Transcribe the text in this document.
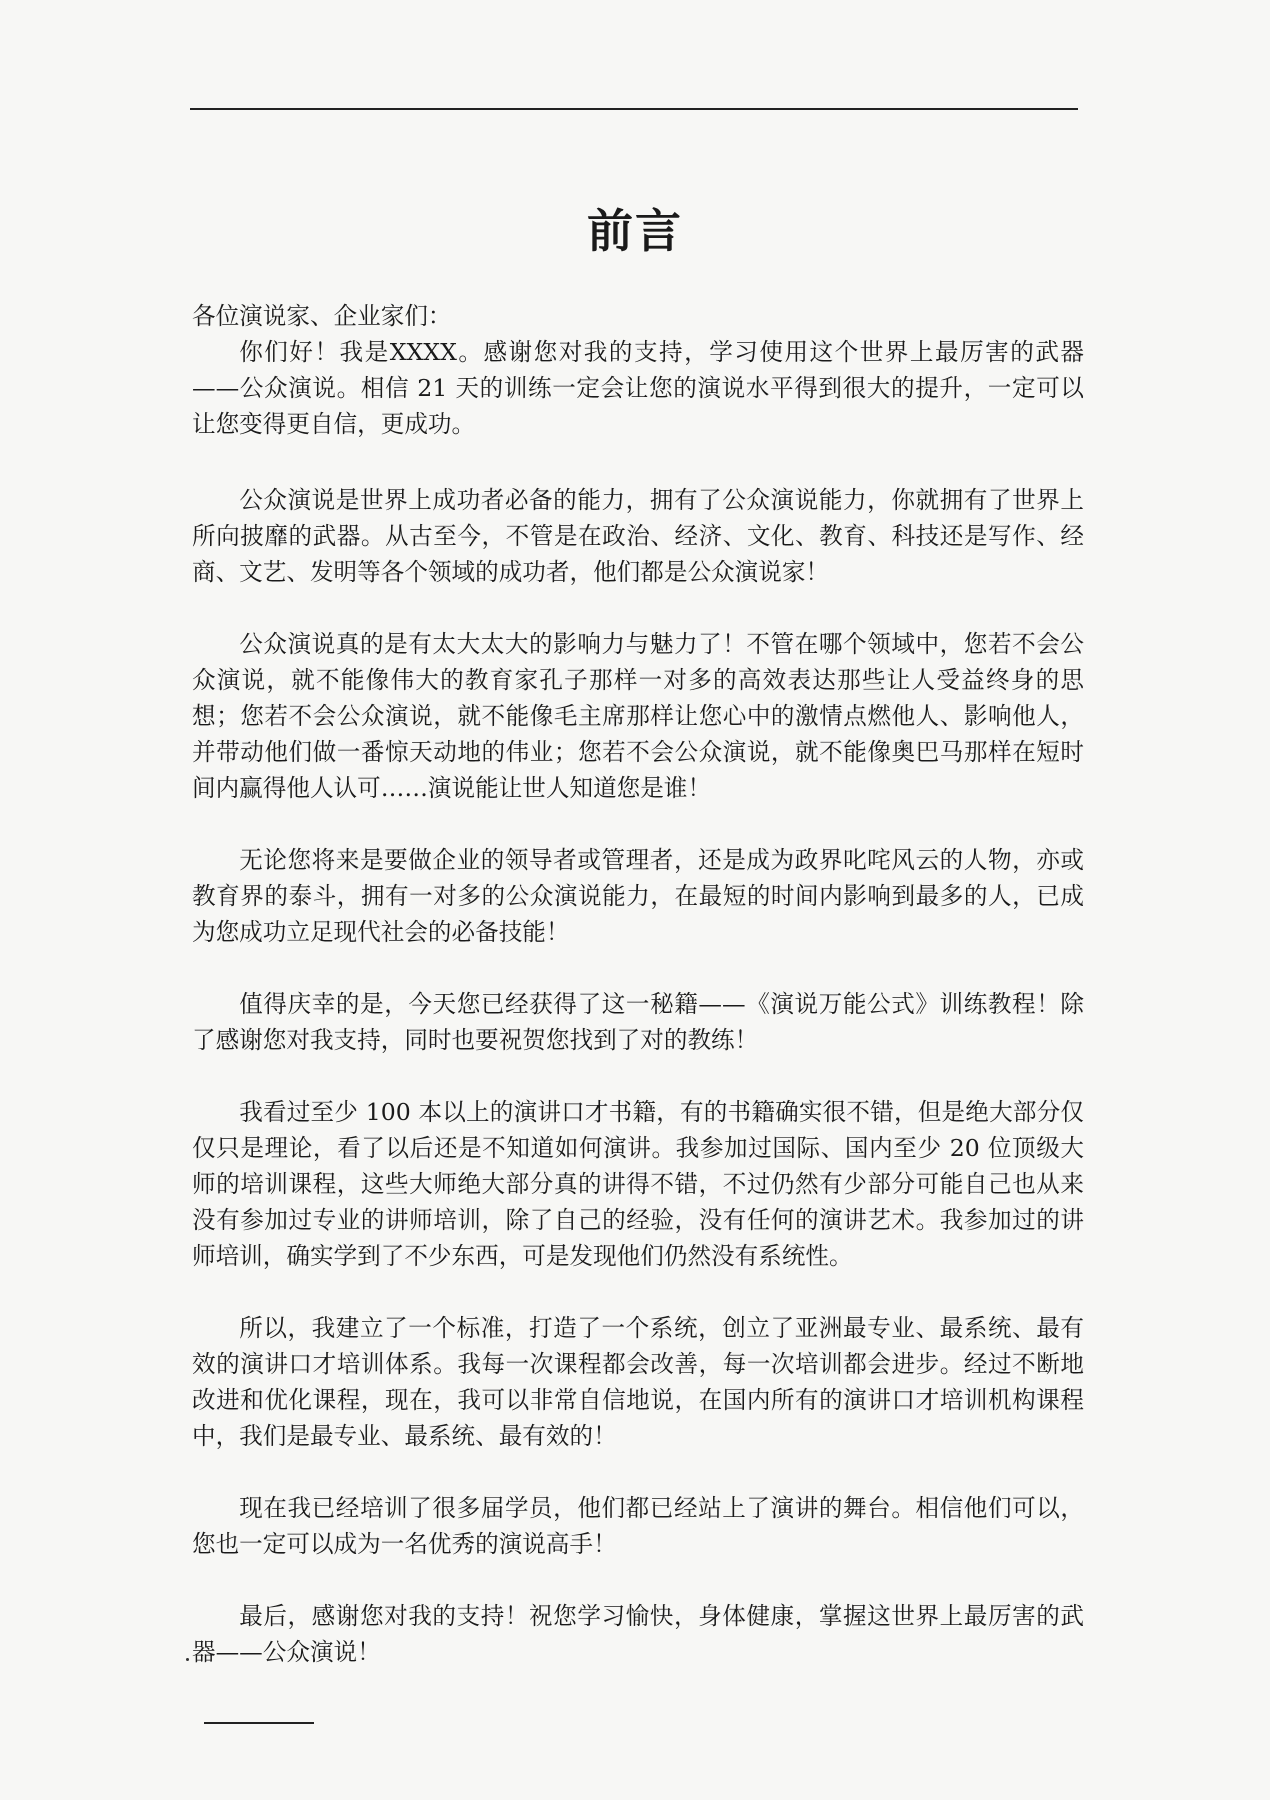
前言

各位演说家、企业家们：

你们好！我是XXXX。感谢您对我的支持，学习使用这个世界上最厉害的武器——公众演说。相信 21 天的训练一定会让您的演说水平得到很大的提升，一定可以让您变得更自信，更成功。

公众演说是世界上成功者必备的能力，拥有了公众演说能力，你就拥有了世界上所向披靡的武器。从古至今，不管是在政治、经济、文化、教育、科技还是写作、经商、文艺、发明等各个领域的成功者，他们都是公众演说家！

公众演说真的是有太大太大的影响力与魅力了！不管在哪个领域中，您若不会公众演说，就不能像伟大的教育家孔子那样一对多的高效表达那些让人受益终身的思想；您若不会公众演说，就不能像毛主席那样让您心中的激情点燃他人、影响他人，并带动他们做一番惊天动地的伟业；您若不会公众演说，就不能像奥巴马那样在短时间内赢得他人认可……演说能让世人知道您是谁！

无论您将来是要做企业的领导者或管理者，还是成为政界叱咤风云的人物，亦或教育界的泰斗，拥有一对多的公众演说能力，在最短的时间内影响到最多的人，已成为您成功立足现代社会的必备技能！

值得庆幸的是，今天您已经获得了这一秘籍——《演说万能公式》训练教程！除了感谢您对我支持，同时也要祝贺您找到了对的教练！

我看过至少 100 本以上的演讲口才书籍，有的书籍确实很不错，但是绝大部分仅仅只是理论，看了以后还是不知道如何演讲。我参加过国际、国内至少 20 位顶级大师的培训课程，这些大师绝大部分真的讲得不错，不过仍然有少部分可能自己也从来没有参加过专业的讲师培训，除了自己的经验，没有任何的演讲艺术。我参加过的讲师培训，确实学到了不少东西，可是发现他们仍然没有系统性。

所以，我建立了一个标准，打造了一个系统，创立了亚洲最专业、最系统、最有效的演讲口才培训体系。我每一次课程都会改善，每一次培训都会进步。经过不断地改进和优化课程，现在，我可以非常自信地说，在国内所有的演讲口才培训机构课程中，我们是最专业、最系统、最有效的！

现在我已经培训了很多届学员，他们都已经站上了演讲的舞台。相信他们可以，您也一定可以成为一名优秀的演说高手！

最后，感谢您对我的支持！祝您学习愉快，身体健康，掌握这世界上最厉害的武器——公众演说！
